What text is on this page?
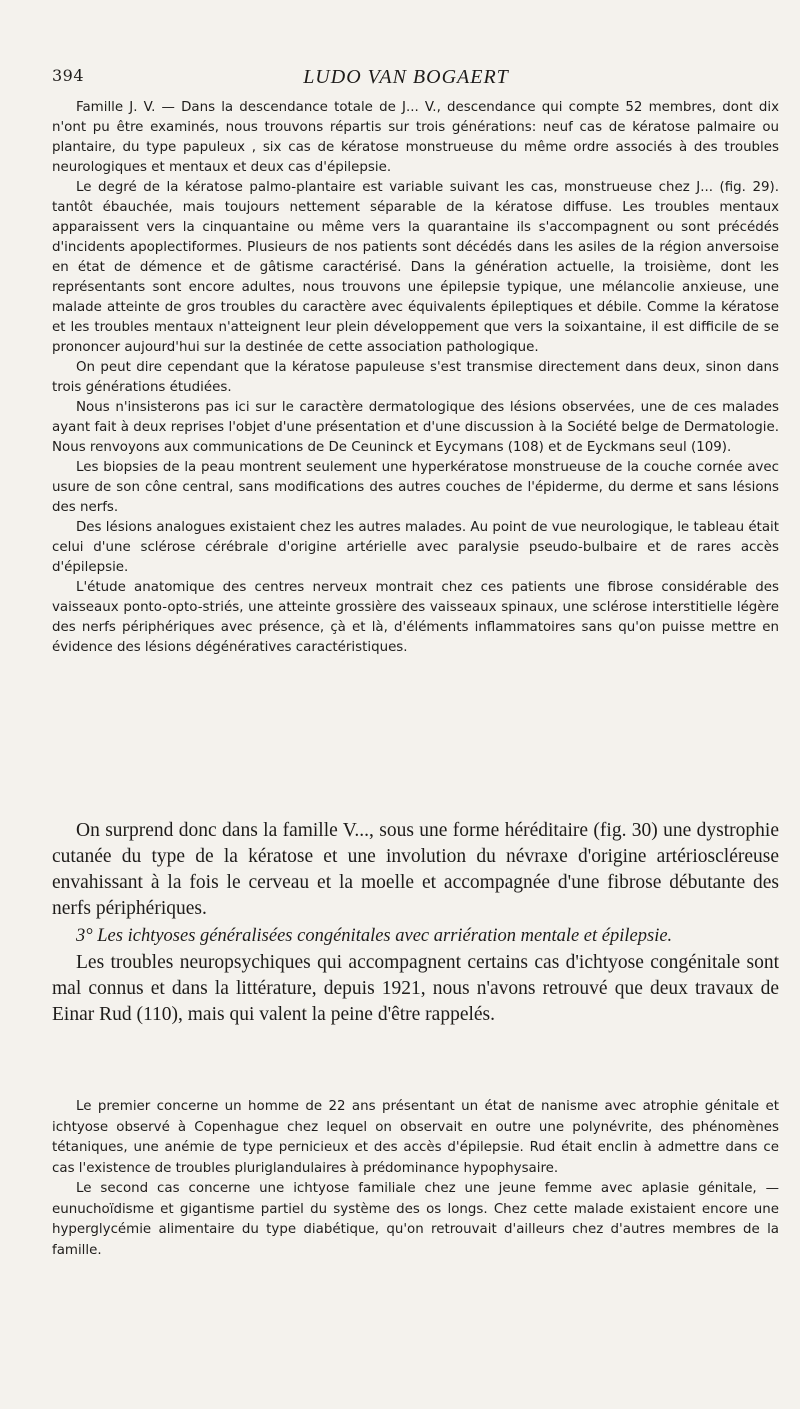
394	LUDO VAN BOGAERT

Famille J. V. — Dans la descendance totale de J... V., descendance qui compte 52 membres, dont dix n'ont pu être examinés, nous trouvons répartis sur trois générations: neuf cas de kératose palmaire ou plantaire, du type papuleux , six cas de kératose monstrueuse du même ordre associés à des troubles neurologiques et mentaux et deux cas d'épilepsie.

Le degré de la kératose palmo-plantaire est variable suivant les cas, monstrueuse chez J... (fig. 29). tantôt ébauchée, mais toujours nettement séparable de la kératose diffuse. Les troubles mentaux apparaissent vers la cinquantaine ou même vers la quarantaine ils s'accompagnent ou sont précédés d'incidents apoplectiformes. Plusieurs de nos patients sont décédés dans les asiles de la région anversoise en état de démence et de gâtisme caractérisé. Dans la génération actuelle, la troisième, dont les représentants sont encore adultes, nous trouvons une épilepsie typique, une mélancolie anxieuse, une malade atteinte de gros troubles du caractère avec équivalents épileptiques et débile. Comme la kératose et les troubles mentaux n'atteignent leur plein développement que vers la soixantaine, il est difficile de se prononcer aujourd'hui sur la destinée de cette association pathologique.

On peut dire cependant que la kératose papuleuse s'est transmise directement dans deux, sinon dans trois générations étudiées.

Nous n'insisterons pas ici sur le caractère dermatologique des lésions observées, une de ces malades ayant fait à deux reprises l'objet d'une présentation et d'une discussion à la Société belge de Dermatologie. Nous renvoyons aux communications de De Ceuninck et Eycymans (108) et de Eyckmans seul (109).

Les biopsies de la peau montrent seulement une hyperkératose monstrueuse de la couche cornée avec usure de son cône central, sans modifications des autres couches de l'épiderme, du derme et sans lésions des nerfs.

Des lésions analogues existaient chez les autres malades. Au point de vue neurologique, le tableau était celui d'une sclérose cérébrale d'origine artérielle avec paralysie pseudo-bulbaire et de rares accès d'épilepsie.

L'étude anatomique des centres nerveux montrait chez ces patients une fibrose considérable des vaisseaux ponto-opto-striés, une atteinte grossière des vaisseaux spinaux, une sclérose interstitielle légère des nerfs périphériques avec présence, çà et là, d'éléments inflammatoires sans qu'on puisse mettre en évidence des lésions dégénératives caractéristiques.

On surprend donc dans la famille V..., sous une forme héréditaire (fig. 30) une dystrophie cutanée du type de la kératose et une involution du névraxe d'origine artérioscléreuse envahissant à la fois le cerveau et la moelle et accompagnée d'une fibrose débutante des nerfs périphériques.

3° Les ichtyoses généralisées congénitales avec arriération mentale et épilepsie.

Les troubles neuropsychiques qui accompagnent certains cas d'ichtyose congénitale sont mal connus et dans la littérature, depuis 1921, nous n'avons retrouvé que deux travaux de Einar Rud (110), mais qui valent la peine d'être rappelés.

Le premier concerne un homme de 22 ans présentant un état de nanisme avec atrophie génitale et ichtyose observé à Copenhague chez lequel on observait en outre une polynévrite, des phénomènes tétaniques, une anémie de type pernicieux et des accès d'épilepsie. Rud était enclin à admettre dans ce cas l'existence de troubles pluriglandulaires à prédominance hypophysaire.

Le second cas concerne une ichtyose familiale chez une jeune femme avec aplasie génitale, — eunuchoïdisme et gigantisme partiel du système des os longs. Chez cette malade existaient encore une hyperglycémie alimentaire du type diabétique, qu'on retrouvait d'ailleurs chez d'autres membres de la famille.
